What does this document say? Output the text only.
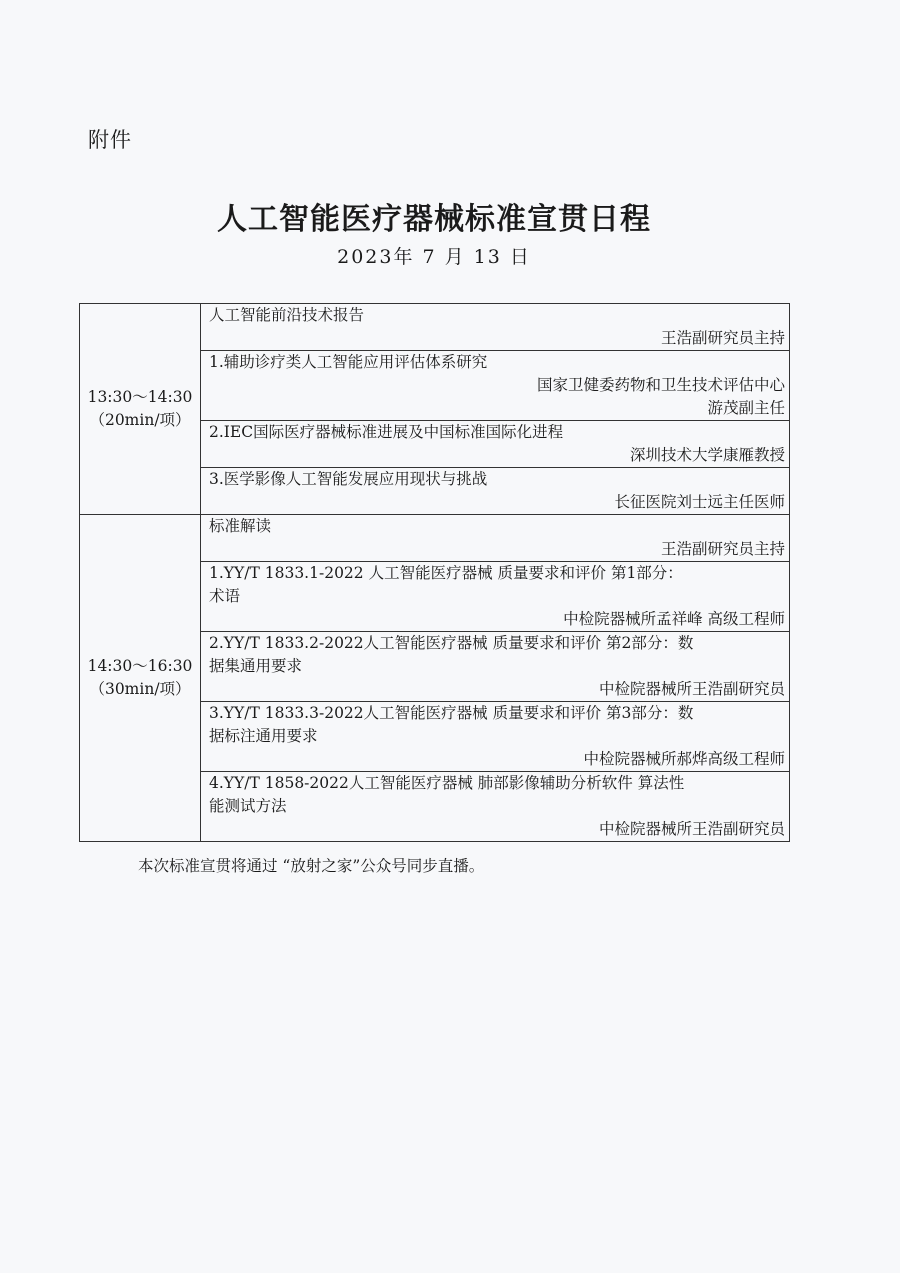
附件
人工智能医疗器械标准宣贯日程
2023年 7 月 13 日
13:30～14:30
（20min/项）	人工智能前沿技术报告
王浩副研究员主持

	1.辅助诊疗类人工智能应用评估体系研究
国家卫健委药物和卫生技术评估中心
游茂副主任

	2.IEC国际医疗器械标准进展及中国标准国际化进程
深圳技术大学康雁教授

	3.医学影像人工智能发展应用现状与挑战
长征医院刘士远主任医师

14:30～16:30
（30min/项）	标准解读
王浩副研究员主持

	1.YY/T 1833.1-2022 人工智能医疗器械 质量要求和评价 第1部分：
术语
中检院器械所孟祥峰 高级工程师

	2.YY/T 1833.2-2022人工智能医疗器械 质量要求和评价 第2部分：数
据集通用要求
中检院器械所王浩副研究员

	3.YY/T 1833.3-2022人工智能医疗器械 质量要求和评价 第3部分：数
据标注通用要求
中检院器械所郝烨高级工程师

	4.YY/T 1858-2022人工智能医疗器械 肺部影像辅助分析软件 算法性
能测试方法
中检院器械所王浩副研究员
本次标准宣贯将通过 “放射之家”公众号同步直播。
